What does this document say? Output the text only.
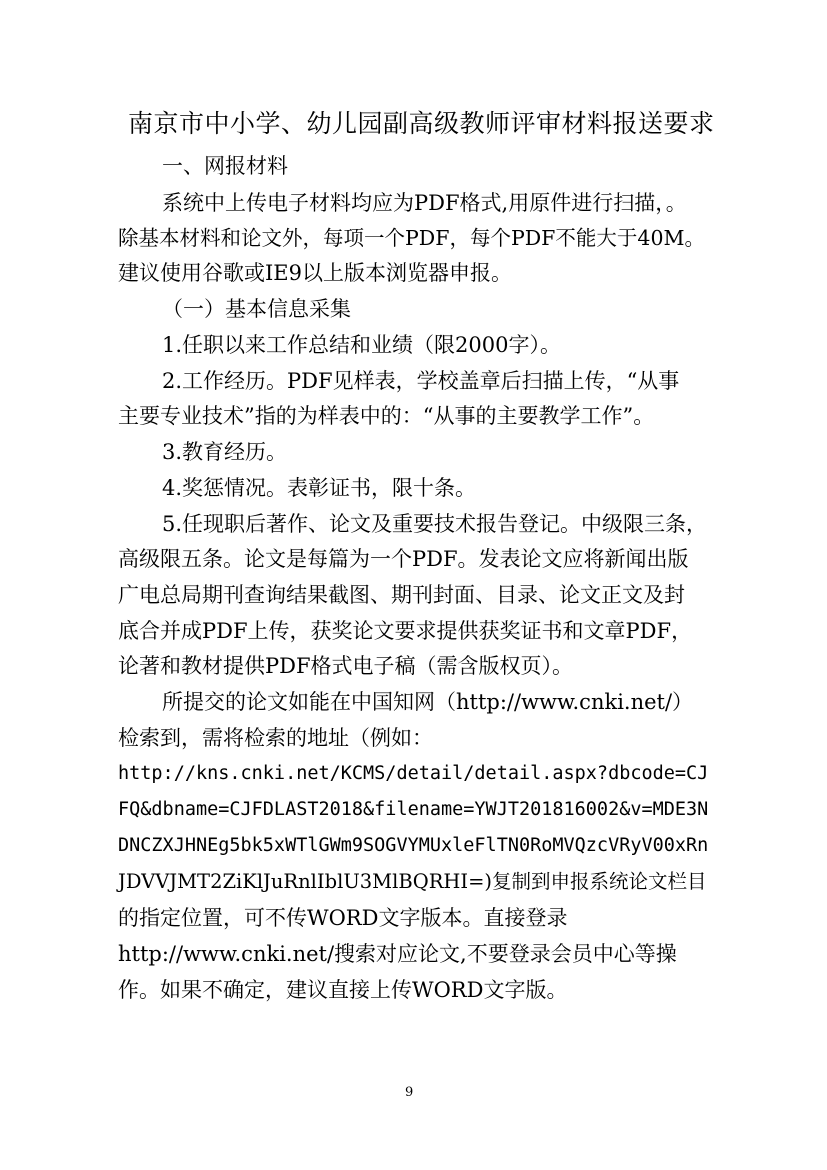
南京市中小学、幼儿园副高级教师评审材料报送要求
一、网报材料
系统中上传电子材料均应为PDF格式,用原件进行扫描，。
除基本材料和论文外，每项一个PDF，每个PDF不能大于40M。
建议使用谷歌或IE9以上版本浏览器申报。
（一）基本信息采集
1.任职以来工作总结和业绩（限2000字）。
2.工作经历。PDF见样表，学校盖章后扫描上传，“从事
主要专业技术”指的为样表中的：“从事的主要教学工作”。
3.教育经历。
4.奖惩情况。表彰证书，限十条。
5.任现职后著作、论文及重要技术报告登记。中级限三条，
高级限五条。论文是每篇为一个PDF。发表论文应将新闻出版
广电总局期刊查询结果截图、期刊封面、目录、论文正文及封
底合并成PDF上传，获奖论文要求提供获奖证书和文章PDF，
论著和教材提供PDF格式电子稿（需含版权页）。
所提交的论文如能在中国知网（http://www.cnki.net/）
检索到，需将检索的地址（例如：
http://kns.cnki.net/KCMS/detail/detail.aspx?dbcode=CJ
FQ&dbname=CJFDLAST2018&filename=YWJT201816002&v=MDE3N
DNCZXJHNEg5bk5xWTlGWm9SOGVYMUxleFlTN0RoMVQzcVRyV00xRn
JDVVJMT2ZiKlJuRnlIblU3MlBQRHI=)复制到申报系统论文栏目
的指定位置，可不传WORD文字版本。直接登录
http://www.cnki.net/搜索对应论文,不要登录会员中心等操
作。如果不确定，建议直接上传WORD文字版。
9
